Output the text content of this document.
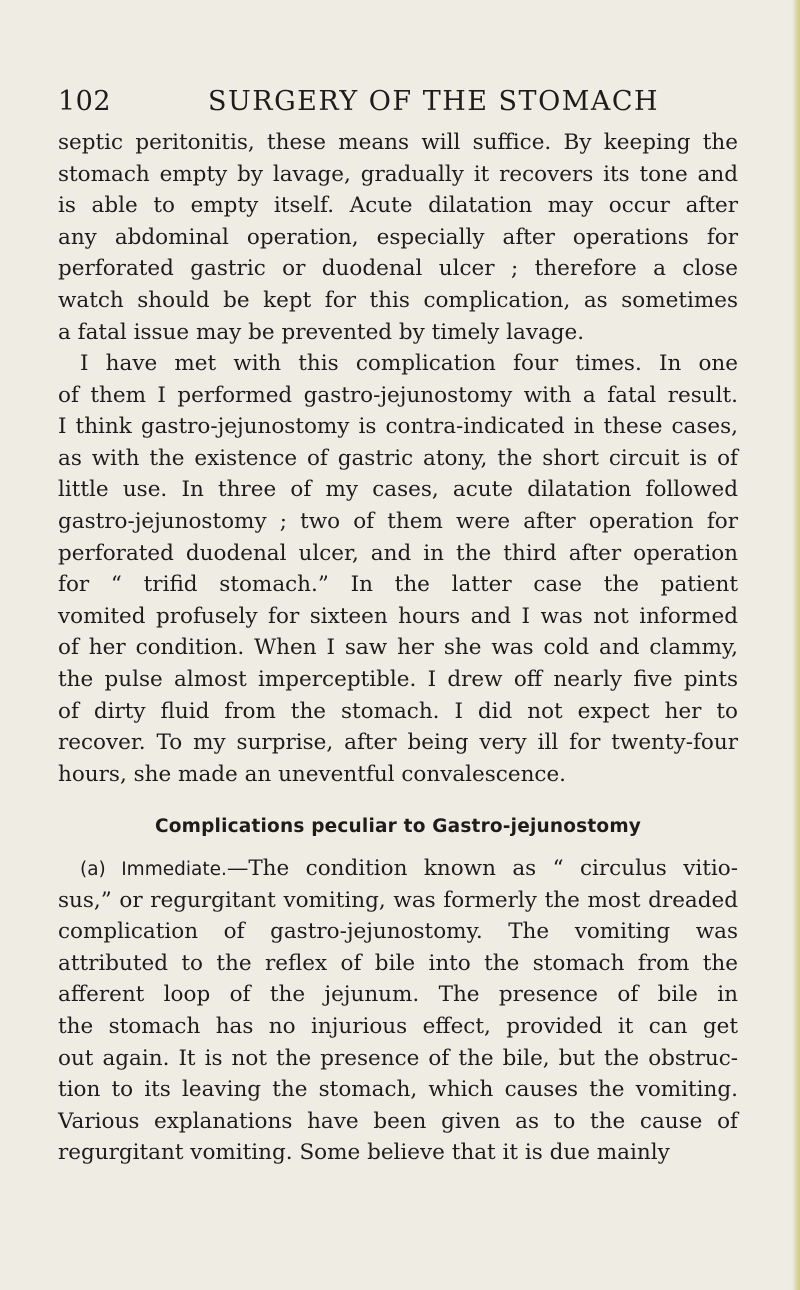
102	SURGERY OF THE STOMACH
septic peritonitis, these means will suffice. By keeping the
stomach empty by lavage, gradually it recovers its tone and
is able to empty itself. Acute dilatation may occur after
any abdominal operation, especially after operations for
perforated gastric or duodenal ulcer ; therefore a close
watch should be kept for this complication, as sometimes
a fatal issue may be prevented by timely lavage.
I have met with this complication four times. In one
of them I performed gastro-jejunostomy with a fatal result.
I think gastro-jejunostomy is contra-indicated in these cases,
as with the existence of gastric atony, the short circuit is of
little use. In three of my cases, acute dilatation followed
gastro-jejunostomy ; two of them were after operation for
perforated duodenal ulcer, and in the third after operation
for “ trifid stomach.” In the latter case the patient
vomited profusely for sixteen hours and I was not informed
of her condition. When I saw her she was cold and clammy,
the pulse almost imperceptible. I drew off nearly five pints
of dirty fluid from the stomach. I did not expect her to
recover. To my surprise, after being very ill for twenty-four
hours, she made an uneventful convalescence.
Complications peculiar to Gastro-jejunostomy
(a) Immediate.—The condition known as “ circulus vitio-
sus,” or regurgitant vomiting, was formerly the most dreaded
complication of gastro-jejunostomy. The vomiting was
attributed to the reflex of bile into the stomach from the
afferent loop of the jejunum. The presence of bile in
the stomach has no injurious effect, provided it can get
out again. It is not the presence of the bile, but the obstruc-
tion to its leaving the stomach, which causes the vomiting.
Various explanations have been given as to the cause of
regurgitant vomiting. Some believe that it is due mainly
